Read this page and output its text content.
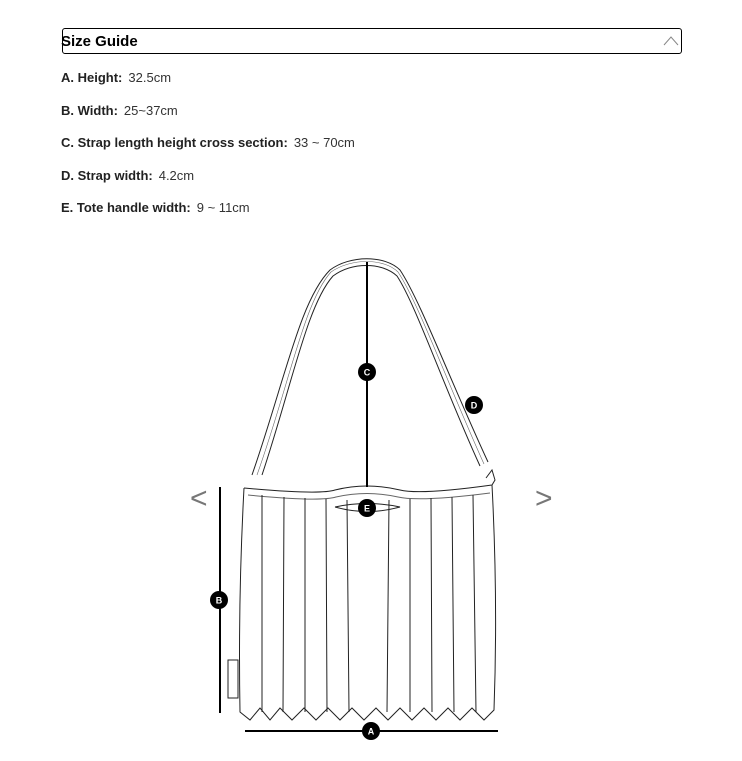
Size Guide
A. Height: 32.5cm
B. Width: 25~37cm
C. Strap length height cross section: 33 ~ 70cm
D. Strap width: 4.2cm
E. Tote handle width: 9 ~ 11cm
A
B
C
D
E
<	>
